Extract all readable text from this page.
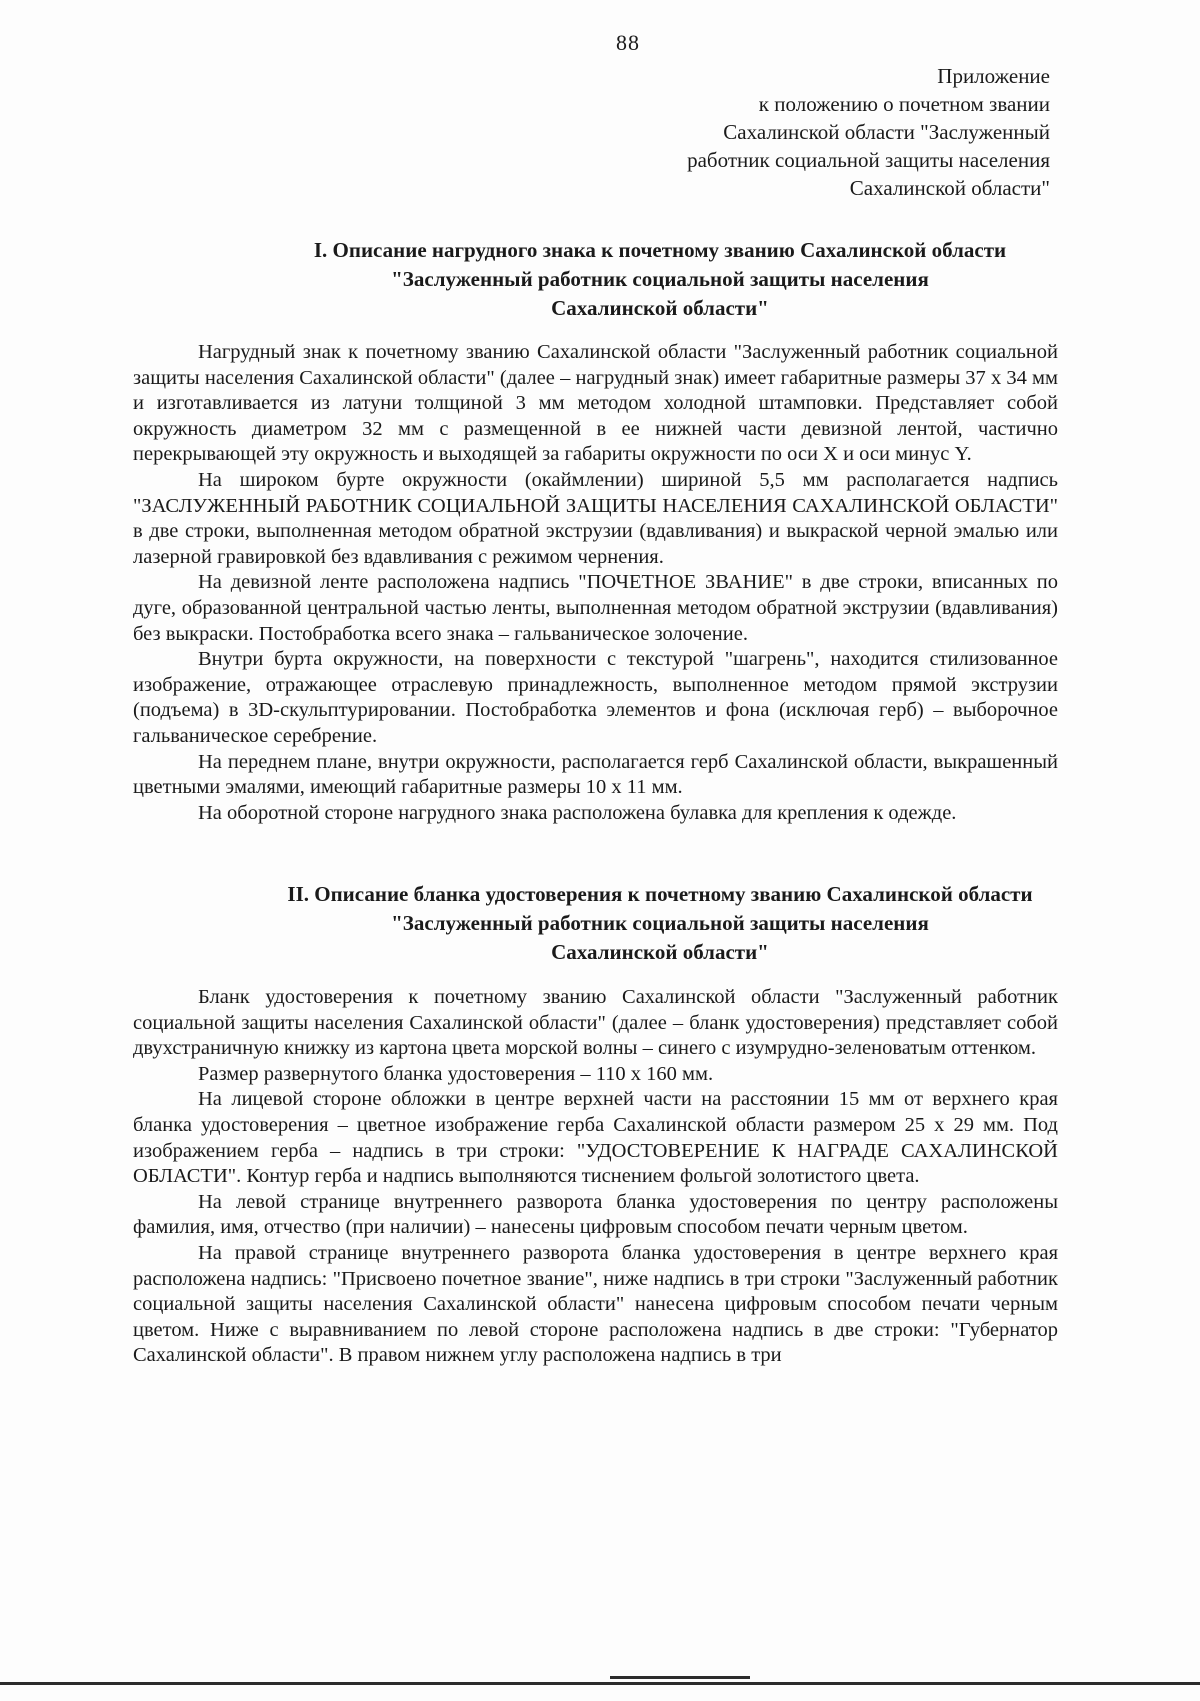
88
Приложение
к положению о почетном звании
Сахалинской области "Заслуженный
работник социальной защиты населения
Сахалинской области"
I. Описание нагрудного знака к почетному званию Сахалинской области
"Заслуженный работник социальной защиты населения
Сахалинской области"

Нагрудный знак к почетному званию Сахалинской области "Заслуженный работник социальной защиты населения Сахалинской области" (далее – нагрудный знак) имеет габаритные размеры 37 х 34 мм и изготавливается из латуни толщиной 3 мм методом холодной штамповки. Представляет собой окружность диаметром 32 мм с размещенной в ее нижней части девизной лентой, частично перекрывающей эту окружность и выходящей за габариты окружности по оси X и оси минус Y.

На широком бурте окружности (окаймлении) шириной 5,5 мм располагается надпись "ЗАСЛУЖЕННЫЙ РАБОТНИК СОЦИАЛЬНОЙ ЗАЩИТЫ НАСЕЛЕНИЯ САХАЛИНСКОЙ ОБЛАСТИ" в две строки, выполненная методом обратной экструзии (вдавливания) и выкраской черной эмалью или лазерной гравировкой без вдавливания с режимом чернения.

На девизной ленте расположена надпись "ПОЧЕТНОЕ ЗВАНИЕ" в две строки, вписанных по дуге, образованной центральной частью ленты, выполненная методом обратной экструзии (вдавливания) без выкраски. Постобработка всего знака – гальваническое золочение.

Внутри бурта окружности, на поверхности с текстурой "шагрень", находится стилизованное изображение, отражающее отраслевую принадлежность, выполненное методом прямой экструзии (подъема) в 3D-скульптурировании. Постобработка элементов и фона (исключая герб) – выборочное гальваническое серебрение.

На переднем плане, внутри окружности, располагается герб Сахалинской области, выкрашенный цветными эмалями, имеющий габаритные размеры 10 х 11 мм.

На оборотной стороне нагрудного знака расположена булавка для крепления к одежде.

II. Описание бланка удостоверения к почетному званию Сахалинской области
"Заслуженный работник социальной защиты населения
Сахалинской области"

Бланк удостоверения к почетному званию Сахалинской области "Заслуженный работник социальной защиты населения Сахалинской области" (далее – бланк удостоверения) представляет собой двухстраничную книжку из картона цвета морской волны – синего с изумрудно-зеленоватым оттенком.

Размер развернутого бланка удостоверения – 110 х 160 мм.

На лицевой стороне обложки в центре верхней части на расстоянии 15 мм от верхнего края бланка удостоверения – цветное изображение герба Сахалинской области размером 25 х 29 мм. Под изображением герба – надпись в три строки: "УДОСТОВЕРЕНИЕ К НАГРАДЕ САХАЛИНСКОЙ ОБЛАСТИ". Контур герба и надпись выполняются тиснением фольгой золотистого цвета.

На левой странице внутреннего разворота бланка удостоверения по центру расположены фамилия, имя, отчество (при наличии) – нанесены цифровым способом печати черным цветом.

На правой странице внутреннего разворота бланка удостоверения в центре верхнего края расположена надпись: "Присвоено почетное звание", ниже надпись в три строки "Заслуженный работник социальной защиты населения Сахалинской области" нанесена цифровым способом печати черным цветом. Ниже с выравниванием по левой стороне расположена надпись в две строки: "Губернатор Сахалинской области". В правом нижнем углу расположена надпись в три
